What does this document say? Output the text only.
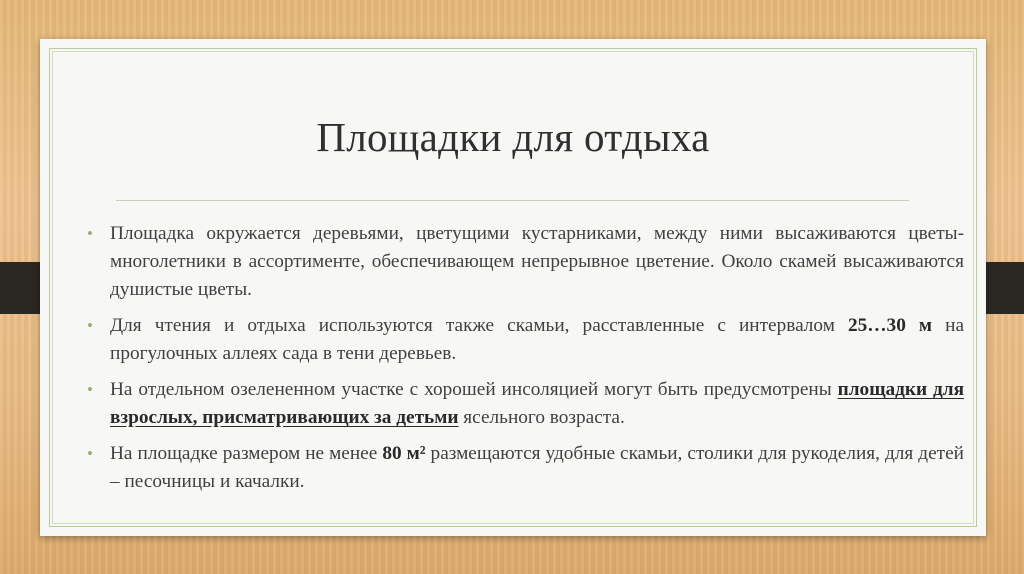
Площадки для отдыха
• Площадка окружается деревьями, цветущими кустарниками, между ними высаживаются цветы-многолетники в ассортименте, обеспечивающем непрерывное цветение. Около скамей высаживаются душистые цветы.
• Для чтения и отдыха используются также скамьи, расставленные с интервалом 25…30 м на прогулочных аллеях сада в тени деревьев.
• На отдельном озелененном участке с хорошей инсоляцией могут быть предусмотрены площадки для взрослых, присматривающих за детьми ясельного возраста.
• На площадке размером не менее 80 м² размещаются удобные скамьи, столики для рукоделия, для детей – песочницы и качалки.
